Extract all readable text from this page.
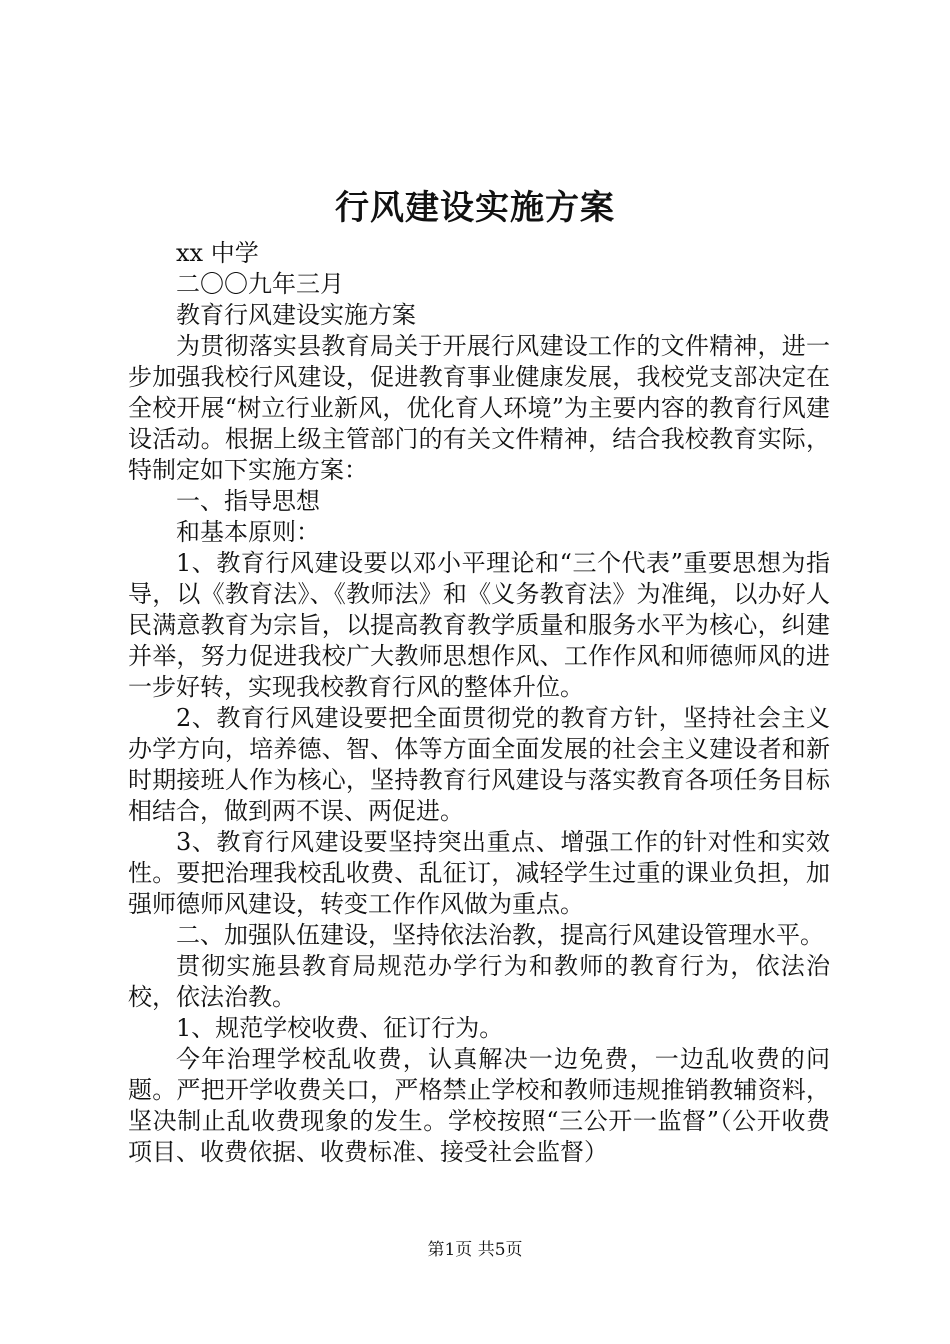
行风建设实施方案

xx 中学

二〇〇九年三月

教育行风建设实施方案

为贯彻落实县教育局关于开展行风建设工作的文件精神，进一步加强我校行风建设，促进教育事业健康发展，我校党支部决定在全校开展“树立行业新风，优化育人环境”为主要内容的教育行风建设活动。根据上级主管部门的有关文件精神，结合我校教育实际，特制定如下实施方案：

一、指导思想

和基本原则：

1、教育行风建设要以邓小平理论和“三个代表”重要思想为指导，以《教育法》、《教师法》和《义务教育法》为准绳，以办好人民满意教育为宗旨，以提高教育教学质量和服务水平为核心，纠建并举，努力促进我校广大教师思想作风、工作作风和师德师风的进一步好转，实现我校教育行风的整体升位。

2、教育行风建设要把全面贯彻党的教育方针，坚持社会主义办学方向，培养德、智、体等方面全面发展的社会主义建设者和新时期接班人作为核心，坚持教育行风建设与落实教育各项任务目标相结合，做到两不误、两促进。

3、教育行风建设要坚持突出重点、增强工作的针对性和实效性。要把治理我校乱收费、乱征订，减轻学生过重的课业负担，加强师德师风建设，转变工作作风做为重点。

二、加强队伍建设，坚持依法治教，提高行风建设管理水平。

贯彻实施县教育局规范办学行为和教师的教育行为，依法治校，依法治教。

1、规范学校收费、征订行为。

今年治理学校乱收费，认真解决一边免费，一边乱收费的问题。严把开学收费关口，严格禁止学校和教师违规推销教辅资料，坚决制止乱收费现象的发生。学校按照“三公开一监督”（公开收费项目、收费依据、收费标准、接受社会监督）

第1页 共5页
